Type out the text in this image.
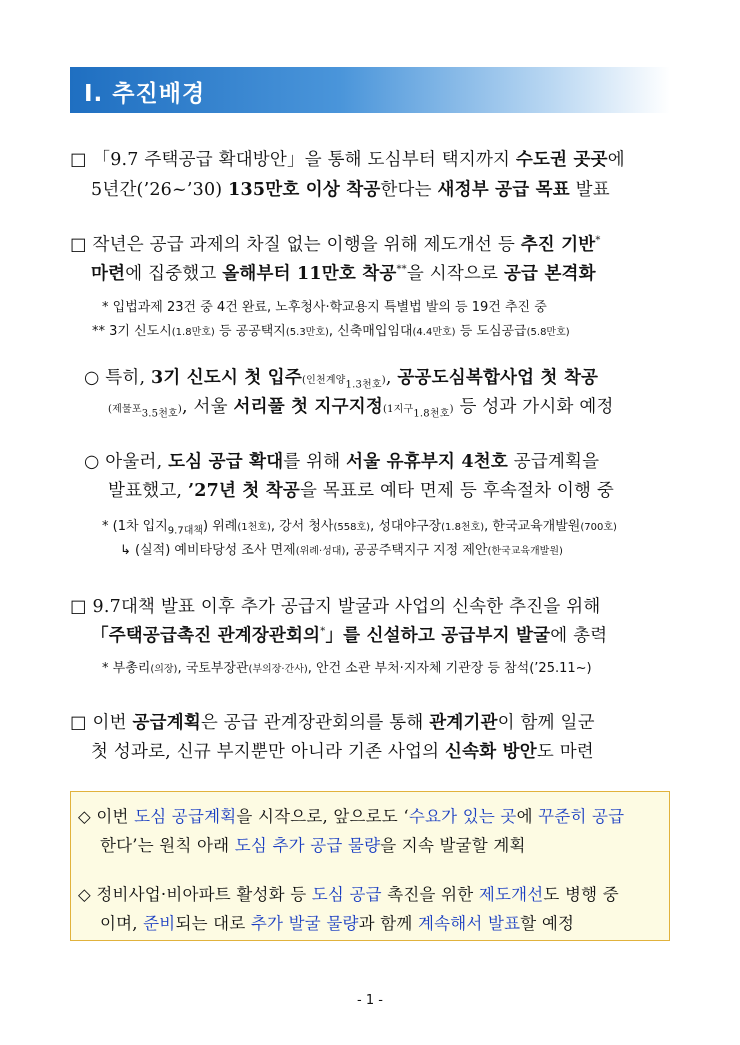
Ⅰ. 추진배경
□ 「9.7 주택공급 확대방안」을 통해 도심부터 택지까지 수도권 곳곳에
5년간(’26~’30) 135만호 이상 착공한다는 새정부 공급 목표 발표
□ 작년은 공급 과제의 차질 없는 이행을 위해 제도개선 등 추진 기반*
마련에 집중했고 올해부터 11만호 착공**을 시작으로 공급 본격화
* 입법과제 23건 중 4건 완료, 노후청사·학교용지 특별법 발의 등 19건 추진 중
** 3기 신도시(1.8만호) 등 공공택지(5.3만호), 신축매입임대(4.4만호) 등 도심공급(5.8만호)
○ 특히, 3기 신도시 첫 입주(인천계양$_{1.3천호}$), 공공도심복합사업 첫 착공
(제물포$_{3.5천호}$), 서울 서리풀 첫 지구지정(1지구$_{1.8천호}$) 등 성과 가시화 예정
○ 아울러, 도심 공급 확대를 위해 서울 유휴부지 4천호 공급계획을
발표했고, ’27년 첫 착공을 목표로 예타 면제 등 후속절차 이행 중
* (1차 입지$_{9.7대책}$) 위례(1천호), 강서 청사(558호), 성대야구장(1.8천호), 한국교육개발원(700호)
↳ (실적) 예비타당성 조사 면제(위례·성대), 공공주택지구 지정 제안(한국교육개발원)
□ 9.7대책 발표 이후 추가 공급지 발굴과 사업의 신속한 추진을 위해
「주택공급촉진 관계장관회의*」를 신설하고 공급부지 발굴에 총력
* 부총리(의장), 국토부장관(부의장·간사), 안건 소관 부처·지자체 기관장 등 참석(’25.11~)
□ 이번 공급계획은 공급 관계장관회의를 통해 관계기관이 함께 일군
첫 성과로, 신규 부지뿐만 아니라 기존 사업의 신속화 방안도 마련
◇ 이번 도심 공급계획을 시작으로, 앞으로도 ‘수요가 있는 곳에 꾸준히 공급
한다’는 원칙 아래 도심 추가 공급 물량을 지속 발굴할 계획
◇ 정비사업·비아파트 활성화 등 도심 공급 촉진을 위한 제도개선도 병행 중
이며, 준비되는 대로 추가 발굴 물량과 함께 계속해서 발표할 예정
- 1 -
